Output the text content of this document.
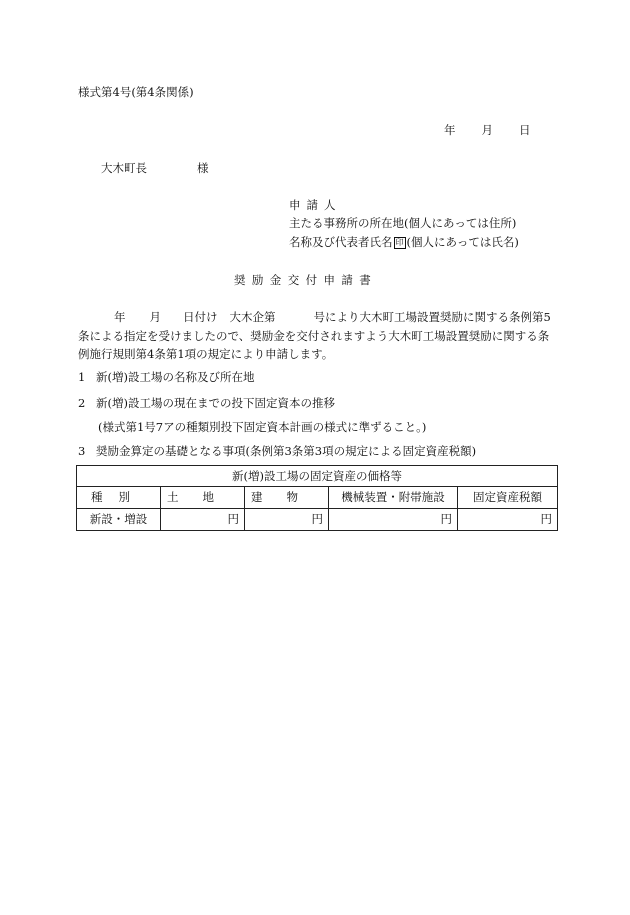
様式第4号(第4条関係)
年 月 日
大木町長	様
申請人
主たる事務所の所在地(個人にあっては住所)
名称及び代表者氏名 印 (個人にあっては氏名)
奨励金交付申請書
年 月 日付け 大木企第	号により大木町工場設置奨励に関する条例第5条による指定を受けましたので、奨励金を交付されますよう大木町工場設置奨励に関する条例施行規則第4条第1項の規定により申請します。
1 新(増)設工場の名称及び所在地
2 新(増)設工場の現在までの投下固定資本の推移
(様式第1号7アの種類別投下固定資本計画の様式に準ずること。)
3 奨励金算定の基礎となる事項(条例第3条第3項の規定による固定資産税額)
新(増)設工場の固定資産の価格等				
種別	土地	建物	機械装置・附帯施設	固定資産税額
新設・増設	円	円	円	円
